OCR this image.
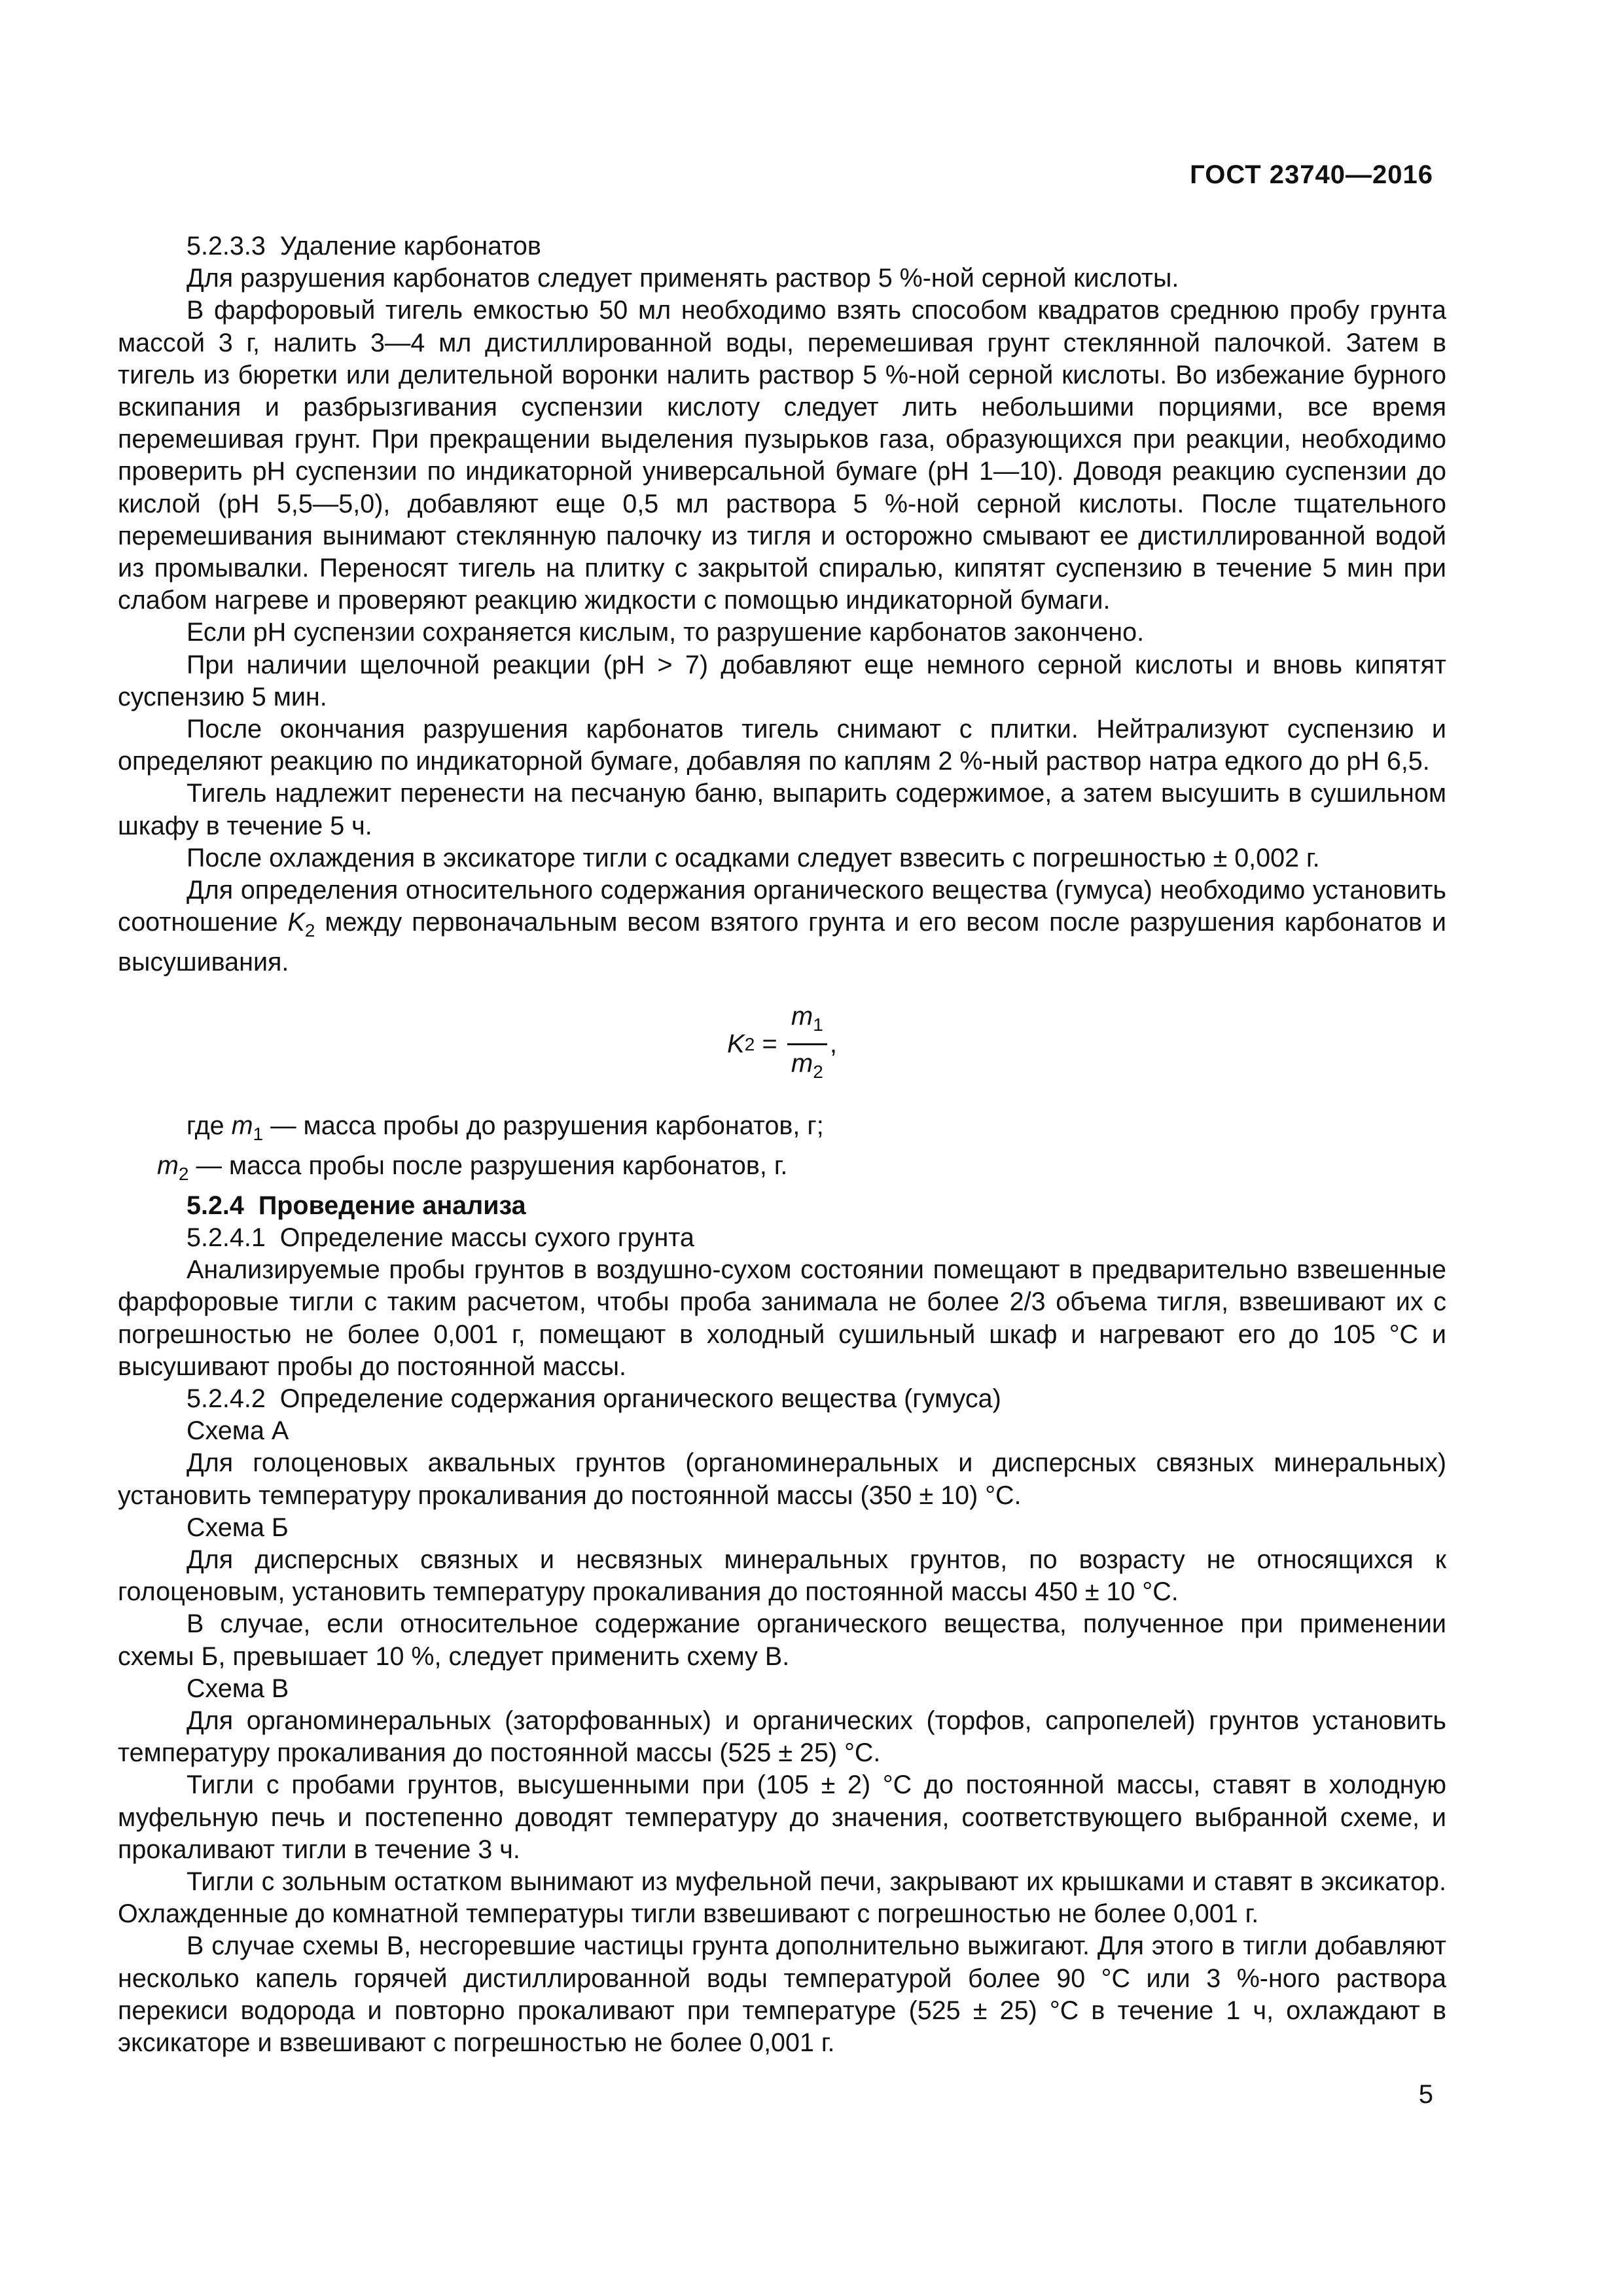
ГОСТ 23740—2016

5.2.3.3 Удаление карбонатов

Для разрушения карбонатов следует применять раствор 5 %-ной серной кислоты.

В фарфоровый тигель емкостью 50 мл необходимо взять способом квадратов среднюю пробу грунта массой 3 г, налить 3—4 мл дистиллированной воды, перемешивая грунт стеклянной палочкой. Затем в тигель из бюретки или делительной воронки налить раствор 5 %-ной серной кислоты. Во избежание бурного вскипания и разбрызгивания суспензии кислоту следует лить небольшими порциями, все время перемешивая грунт. При прекращении выделения пузырьков газа, образующихся при реакции, необходимо проверить pH суспензии по индикаторной универсальной бумаге (pH 1—10). Доводя реакцию суспензии до кислой (pH 5,5—5,0), добавляют еще 0,5 мл раствора 5 %-ной серной кислоты. После тщательного перемешивания вынимают стеклянную палочку из тигля и осторожно смывают ее дистиллированной водой из промывалки. Переносят тигель на плитку с закрытой спиралью, кипятят суспензию в течение 5 мин при слабом нагреве и проверяют реакцию жидкости с помощью индикаторной бумаги.

Если pH суспензии сохраняется кислым, то разрушение карбонатов закончено.

При наличии щелочной реакции (pH > 7) добавляют еще немного серной кислоты и вновь кипятят суспензию 5 мин.

После окончания разрушения карбонатов тигель снимают с плитки. Нейтрализуют суспензию и определяют реакцию по индикаторной бумаге, добавляя по каплям 2 %-ный раствор натра едкого до pH 6,5.

Тигель надлежит перенести на песчаную баню, выпарить содержимое, а затем высушить в сушильном шкафу в течение 5 ч.

После охлаждения в эксикаторе тигли с осадками следует взвесить с погрешностью ± 0,002 г.

Для определения относительного содержания органического вещества (гумуса) необходимо установить соотношение $K_2$ между первоначальным весом взятого грунта и его весом после разрушения карбонатов и высушивания.

K $2 = \frac{m_1}{m_2}$ ,

где $m_1$ — масса пробы до разрушения карбонатов, г;

$m_2$ — масса пробы после разрушения карбонатов, г.

5.2.4 Проведение анализа

5.2.4.1 Определение массы сухого грунта

Анализируемые пробы грунтов в воздушно-сухом состоянии помещают в предварительно взвешенные фарфоровые тигли с таким расчетом, чтобы проба занимала не более 2/3 объема тигля, взвешивают их с погрешностью не более 0,001 г, помещают в холодный сушильный шкаф и нагревают его до 105 °С и высушивают пробы до постоянной массы.

5.2.4.2 Определение содержания органического вещества (гумуса)

Схема А

Для голоценовых аквальных грунтов (органоминеральных и дисперсных связных минеральных) установить температуру прокаливания до постоянной массы (350 ± 10) °С.

Схема Б

Для дисперсных связных и несвязных минеральных грунтов, по возрасту не относящихся к голоценовым, установить температуру прокаливания до постоянной массы 450 ± 10 °С.

В случае, если относительное содержание органического вещества, полученное при применении схемы Б, превышает 10 %, следует применить схему В.

Схема В

Для органоминеральных (заторфованных) и органических (торфов, сапропелей) грунтов установить температуру прокаливания до постоянной массы (525 ± 25) °С.

Тигли с пробами грунтов, высушенными при (105 ± 2) °С до постоянной массы, ставят в холодную муфельную печь и постепенно доводят температуру до значения, соответствующего выбранной схеме, и прокаливают тигли в течение 3 ч.

Тигли с зольным остатком вынимают из муфельной печи, закрывают их крышками и ставят в эксикатор. Охлажденные до комнатной температуры тигли взвешивают с погрешностью не более 0,001 г.

В случае схемы В, несгоревшие частицы грунта дополнительно выжигают. Для этого в тигли добавляют несколько капель горячей дистиллированной воды температурой более 90 °С или 3 %-ного раствора перекиси водорода и повторно прокаливают при температуре (525 ± 25) °С в течение 1 ч, охлаждают в эксикаторе и взвешивают с погрешностью не более 0,001 г.

5
